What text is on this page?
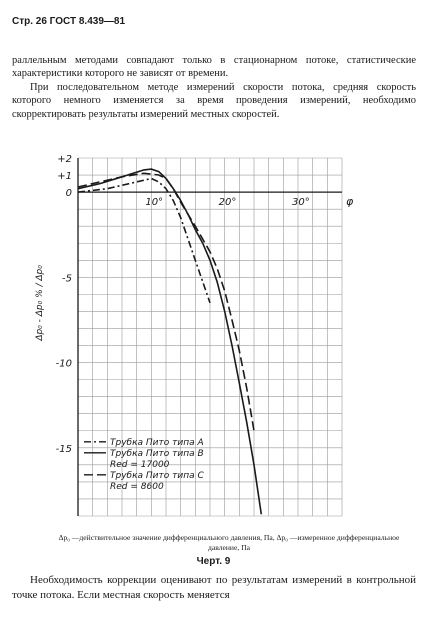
Стр. 26 ГОСТ 8.439—81

раллельным методами совпадают только в стационарном потоке, статистические характеристики которого не зависят от времени.

При последовательном методе измерений скорости потока, средняя скорость которого немного изменяется за время проведения измерений, необходимо скорректировать результаты измерений местных скоростей.

10°	20°	30°	φ
+2
+1
0
-5
-10
-15
Δp₀ - Δp₀ % / Δp₀
Трубка Пито типа A
Трубка Пито типа B
Red = 17000
Трубка Пито типа C
Red = 8600

Δp₀ —действительное значение дифференциального давления, Па, Δp₀ —измеренное дифференциальное давление, Па

Черт. 9

Необходимость коррекции оценивают по результатам измерений в контрольной точке потока. Если местная скорость меняется
